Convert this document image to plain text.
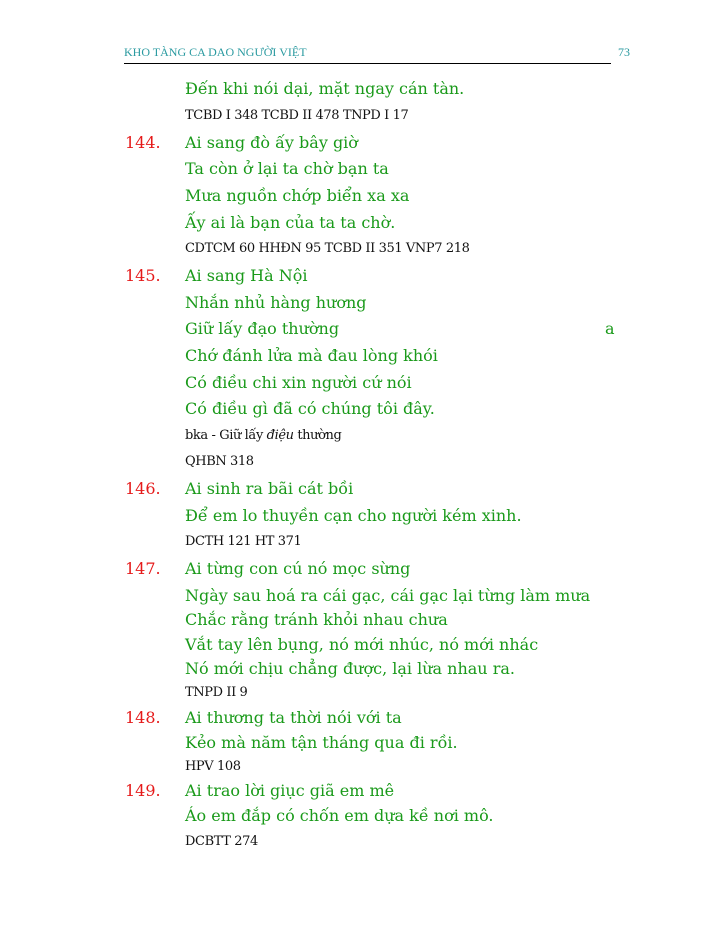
KHO TÀNG CA DAO NGƯỜI VIỆT	73
Đến khi nói dại, mặt ngay cán tàn.
TCBD I 348 TCBD II 478 TNPD I 17
144. Ai sang đò ấy bây giờ
Ta còn ở lại ta chờ bạn ta
Mưa nguồn chớp biển xa xa
Ấy ai là bạn của ta ta chờ.
CDTCM 60 HHĐN 95 TCBD II 351 VNP7 218
145. Ai sang Hà Nội
Nhắn nhủ hàng hương
Giữ lấy đạo thường	a
Chớ đánh lửa mà đau lòng khói
Có điều chi xin người cứ nói
Có điều gì đã có chúng tôi đây.
bka - Giữ lấy điệu thường
QHBN 318
146. Ai sinh ra bãi cát bồi
Để em lo thuyền cạn cho người kém xinh.
DCTH 121 HT 371
147. Ai từng con cú nó mọc sừng
Ngày sau hoá ra cái gạc, cái gạc lại từng làm mưa
Chắc rằng tránh khỏi nhau chưa
Vắt tay lên bụng, nó mới nhúc, nó mới nhác
Nó mới chịu chẳng được, lại lừa nhau ra.
TNPD II 9
148. Ai thương ta thời nói với ta
Kẻo mà năm tận tháng qua đi rồi.
HPV 108
149. Ai trao lời giục giã em mê
Áo em đắp có chốn em dựa kề nơi mô.
DCBTT 274
